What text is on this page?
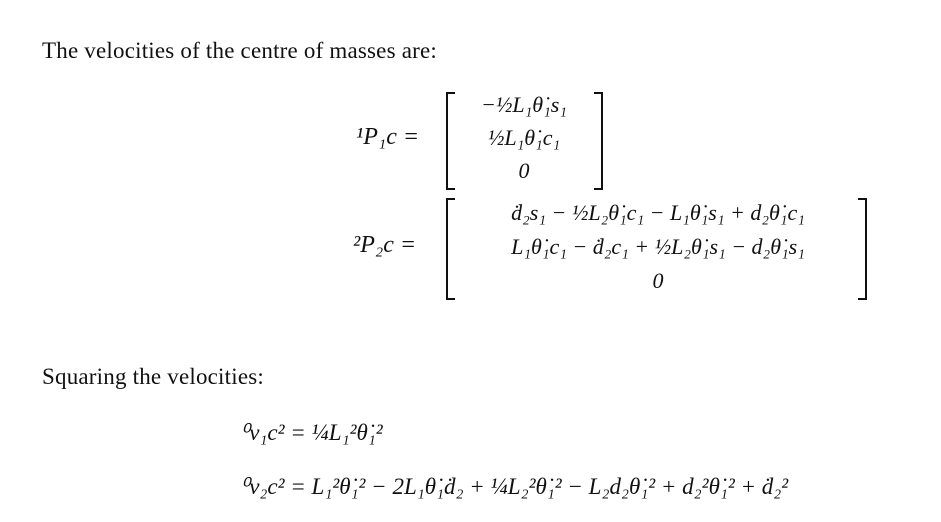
The velocities of the centre of masses are:
¹P₁c =
−½L₁θ̇₁s₁
½L₁θ̇₁c₁
0
²P₂c =
ḋ₂s₁ − ½L₂θ̇₁c₁ − L₁θ̇₁s₁ + d₂θ̇₁c₁
L₁θ̇₁c₁ − ḋ₂c₁ + ½L₂θ̇₁s₁ − d₂θ̇₁s₁
0
Squaring the velocities:
⁰v₁c² = ¼L₁²θ̇₁²
⁰v₂c² = L₁²θ̇₁² − 2L₁θ̇₁ḋ₂ + ¼L₂²θ̇₁² − L₂d₂θ̇₁² + d₂²θ̇₁² + ḋ₂²
